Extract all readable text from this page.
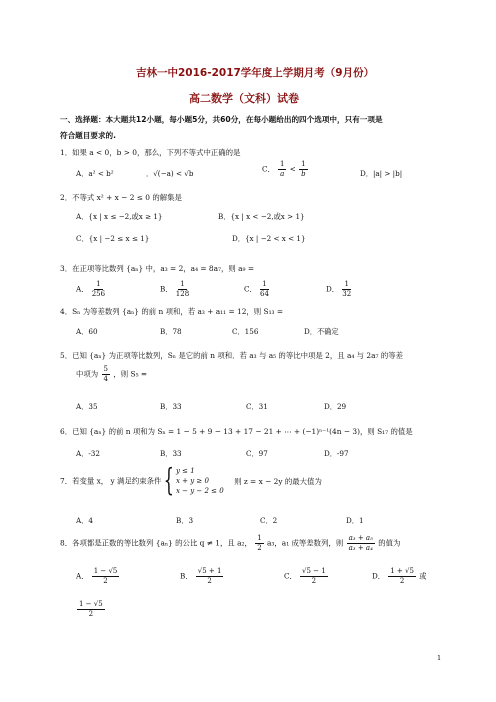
吉林一中2016-2017学年度上学期月考（9月份）
高二数学（文科）试卷
一、选择题：本大题共12小题，每小题5分，共60分，在每小题给出的四个选项中，只有一项是
符合题目要求的.
1．如果 a < 0，b > 0，那么，下列不等式中正确的是
A．a² < b²	．√(−a) < √b	C． $\frac{1}{a} < \frac{1}{b}$	D．|a| > |b|
2．不等式 x² + x − 2 ≤ 0 的解集是
A．{x | x ≤ −2,或x ≥ 1}	B．{x | x < −2,或x > 1}
C．{x | −2 ≤ x ≤ 1}	D．{x | −2 < x < 1}
3．在正项等比数列 {aₙ} 中，a₃ = 2，a₄ = 8a₇，则 a₉ =
A． $\frac{1}{256}$	B． $\frac{1}{128}$	C． $\frac{1}{64}$	D． $\frac{1}{32}$
4．Sₙ 为等差数列 {aₙ} 的前 n 项和，若 a₃ + a₁₁ = 12，则 S₁₃ =
A．60	B．78	C．156	D．不确定
5．已知 {aₙ} 为正项等比数列，Sₙ 是它的前 n 项和．若 a₃ 与 a₅ 的等比中项是 2，且 a₄ 与 2a₇ 的等差
中项为 $\frac{5}{4}$ ，则 S₅ =
A．35	B．33	C．31	D．29
6．已知 {aₙ} 的前 n 项和为 Sₙ = 1 − 5 + 9 − 13 + 17 − 21 + ⋯ + (−1)ⁿ⁻¹(4n − 3)，则 S₁₇ 的值是
A．-32	B．33	C．97	D．-97
7．若变量 x， y 满足约束条件 { y ≤ 1
x + y ≥ 0
x − y − 2 ≤ 0
则 z = x − 2y 的最大值为
A．4	B．3	C．2	D．1
8．各项都是正数的等比数列 {aₙ} 的公比 q ≠ 1，且 a₂， $\frac{1}{2} a_3$，a₁ 成等差数列，则 $\frac{\text{a₃ + a₅}}{\text{a₃ + a₄}}$ 的值为
A． $\frac{1 - √5}{2}$	B． $\frac{√5 + 1}{2}$	C． $\frac{√5 - 1}{2}$	D． $\frac{1 + √5}{2}$ 或
$\frac{1 - √5}{2}$
1
